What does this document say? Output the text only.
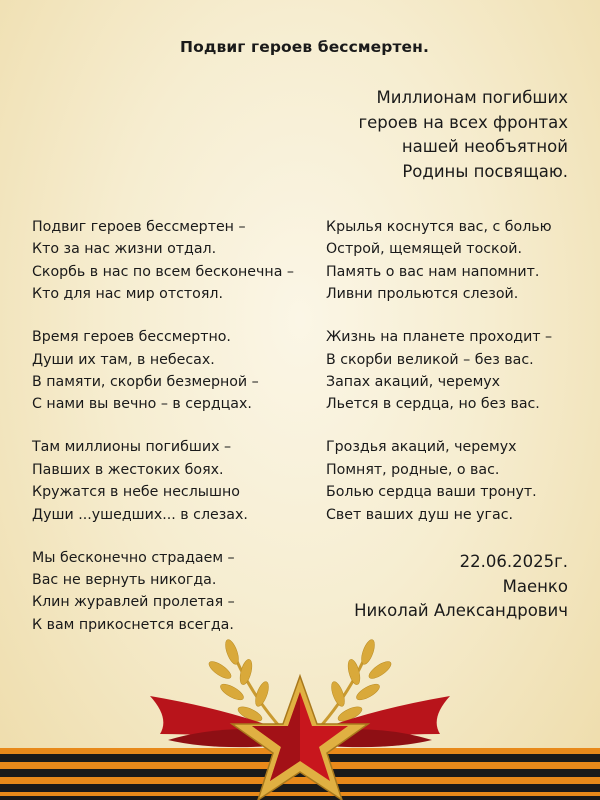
Подвиг героев бессмертен.
Миллионам погибших
героев на всех фронтах
нашей необъятной
Родины посвящаю.
Подвиг героев бессмертен –
Кто за нас жизни отдал.
Скорбь в нас по всем бесконечна –
Кто для нас мир отстоял.
Время героев бессмертно.
Души их там, в небесах.
В памяти, скорби безмерной –
С нами вы вечно – в сердцах.
Там миллионы погибших –
Павших в жестоких боях.
Кружатся в небе неслышно
Души ...ушедших... в слезах.
Мы бесконечно страдаем –
Вас не вернуть никогда.
Клин журавлей пролетая –
К вам прикоснется всегда.
Крылья коснутся вас, с болью
Острой, щемящей тоской.
Память о вас нам напомнит.
Ливни прольются слезой.
Жизнь на планете проходит –
В скорби великой – без вас.
Запах акаций, черемух
Льется в сердца, но без вас.
Гроздья акаций, черемух
Помнят, родные, о вас.
Болью сердца ваши тронут.
Свет ваших душ не угас.
22.06.2025г.
Маенко
Николай Александрович
